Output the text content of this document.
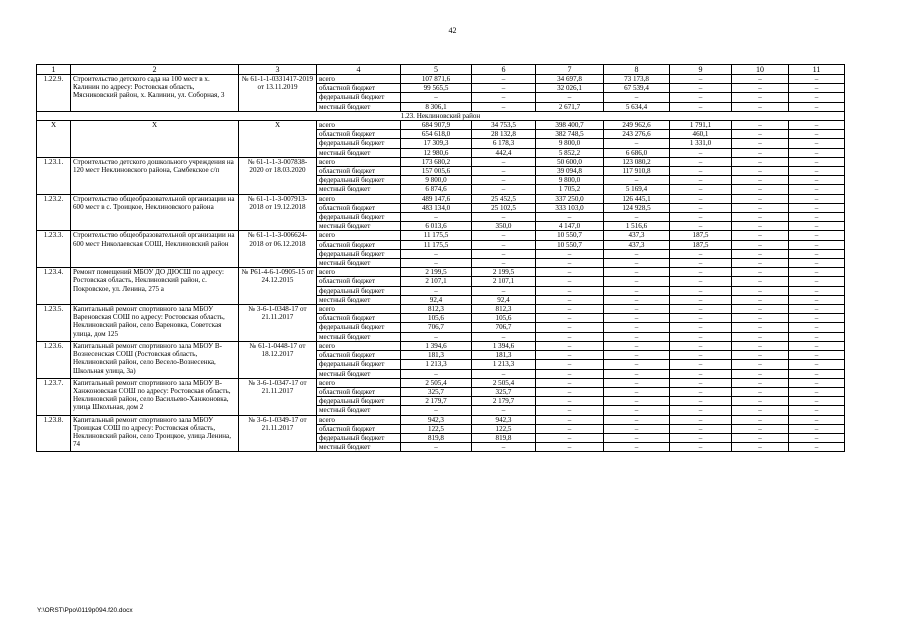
42
1	2	3	4	5	6	7	8	9	10	11
1.22.9.	Строительство детского сада на 100 мест в х. Калинин по адресу: Ростовская область, Мясниковский район, х. Калинин, ул. Соборная, 3	№ 61-1-1-0331417-2019 от 13.11.2019	всего	107 871,6	–	34 697,8	73 173,8	–	–	–
			областной бюджет	99 565,5	–	32 026,1	67 539,4	–	–	–
			федеральный бюджет	–	–	–	–	–	–	–
			местный бюджет	8 306,1	–	2 671,7	5 634,4	–	–	–
1.23. Неклиновский район										
Х	Х	Х	всего	684 907,9	34 753,5	398 400,7	249 962,6	1 791,1	–	–
			областной бюджет	654 618,0	28 132,8	382 748,5	243 276,6	460,1	–	–
			федеральный бюджет	17 309,3	6 178,3	9 800,0	–	1 331,0	–	–
			местный бюджет	12 980,6	442,4	5 852,2	6 686,0	–	–	–
1.23.1.	Строительство детского дошкольного учреждения на 120 мест Неклиновского района, Самбекское с/п	№ 61-1-1-3-007838-2020 от 18.03.2020	всего	173 680,2	–	50 600,0	123 080,2	–	–	–
			областной бюджет	157 005,6	–	39 094,8	117 910,8	–	–	–
			федеральный бюджет	9 800,0	–	9 800,0	–	–	–	–
			местный бюджет	6 874,6	–	1 705,2	5 169,4	–	–	–
1.23.2.	Строительство общеобразовательной организации на 600 мест в с. Троицкое, Неклиновского района	№ 61-1-1-3-007913-2018 от 19.12.2018	всего	489 147,6	25 452,5	337 250,0	126 445,1	–	–	–
			областной бюджет	483 134,0	25 102,5	333 103,0	124 928,5	–	–	–
			федеральный бюджет	–	–	–	–	–	–	–
			местный бюджет	6 013,6	350,0	4 147,0	1 516,6	–	–	–
1.23.3.	Строительство общеобразовательной организации на 600 мест Николаевская СОШ, Неклиновский район	№ 61-1-1-3-006624-2018 от 06.12.2018	всего	11 175,5	–	10 550,7	437,3	187,5	–	–
			областной бюджет	11 175,5	–	10 550,7	437,3	187,5	–	–
			федеральный бюджет	–	–	–	–	–	–	–
			местный бюджет	–	–	–	–	–	–	–
1.23.4.	Ремонт помещений МБОУ ДО ДЮСШ по адресу: Ростовская область, Неклиновский район, с. Покровское, ул. Ленина, 275 а	№ Р61-4-6-1-0905-15 от 24.12.2015	всего	2 199,5	2 199,5	–	–	–	–	–
			областной бюджет	2 107,1	2 107,1	–	–	–	–	–
			федеральный бюджет	–	–	–	–	–	–	–
			местный бюджет	92,4	92,4	–	–	–	–	–
1.23.5.	Капитальный ремонт спортивного зала МБОУ Вареновская СОШ по адресу: Ростовская область, Неклиновский район, село Вареновка, Советская улица, дом 125	№ 3-6-1-0348-17 от 21.11.2017	всего	812,3	812,3	–	–	–	–	–
			областной бюджет	105,6	105,6	–	–	–	–	–
			федеральный бюджет	706,7	706,7	–	–	–	–	–
			местный бюджет	–	–	–	–	–	–	–
1.23.6.	Капитальный ремонт спортивного зала МБОУ В-Вознесенская СОШ (Ростовская область, Неклиновский район, село Весело-Вознесенка, Школьная улица, 3а)	№ 61-1-0448-17 от 18.12.2017	всего	1 394,6	1 394,6	–	–	–	–	–
			областной бюджет	181,3	181,3	–	–	–	–	–
			федеральный бюджет	1 213,3	1 213,3	–	–	–	–	–
			местный бюджет	–	–	–	–	–	–	–
1.23.7.	Капитальный ремонт спортивного зала МБОУ В-Ханжоновская СОШ по адресу: Ростовская область, Неклиновский район, село Васильево-Ханжоновка, улица Школьная, дом 2	№ 3-6-1-0347-17 от 21.11.2017	всего	2 505,4	2 505,4	–	–	–	–	–
			областной бюджет	325,7	325,7	–	–	–	–	–
			федеральный бюджет	2 179,7	2 179,7	–	–	–	–	–
			местный бюджет	–	–	–	–	–	–	–
1.23.8.	Капитальный ремонт спортивного зала МБОУ Троицкая СОШ по адресу: Ростовская область, Неклиновский район, село Троицкое, улица Ленина, 74	№ 3-6-1-0349-17 от 21.11.2017	всего	942,3	942,3	–	–	–	–	–
			областной бюджет	122,5	122,5	–	–	–	–	–
			федеральный бюджет	819,8	819,8	–	–	–	–	–
			местный бюджет	–	–	–	–	–	–	–
Y:\ORST\Ppo\0119p094.f20.docx
